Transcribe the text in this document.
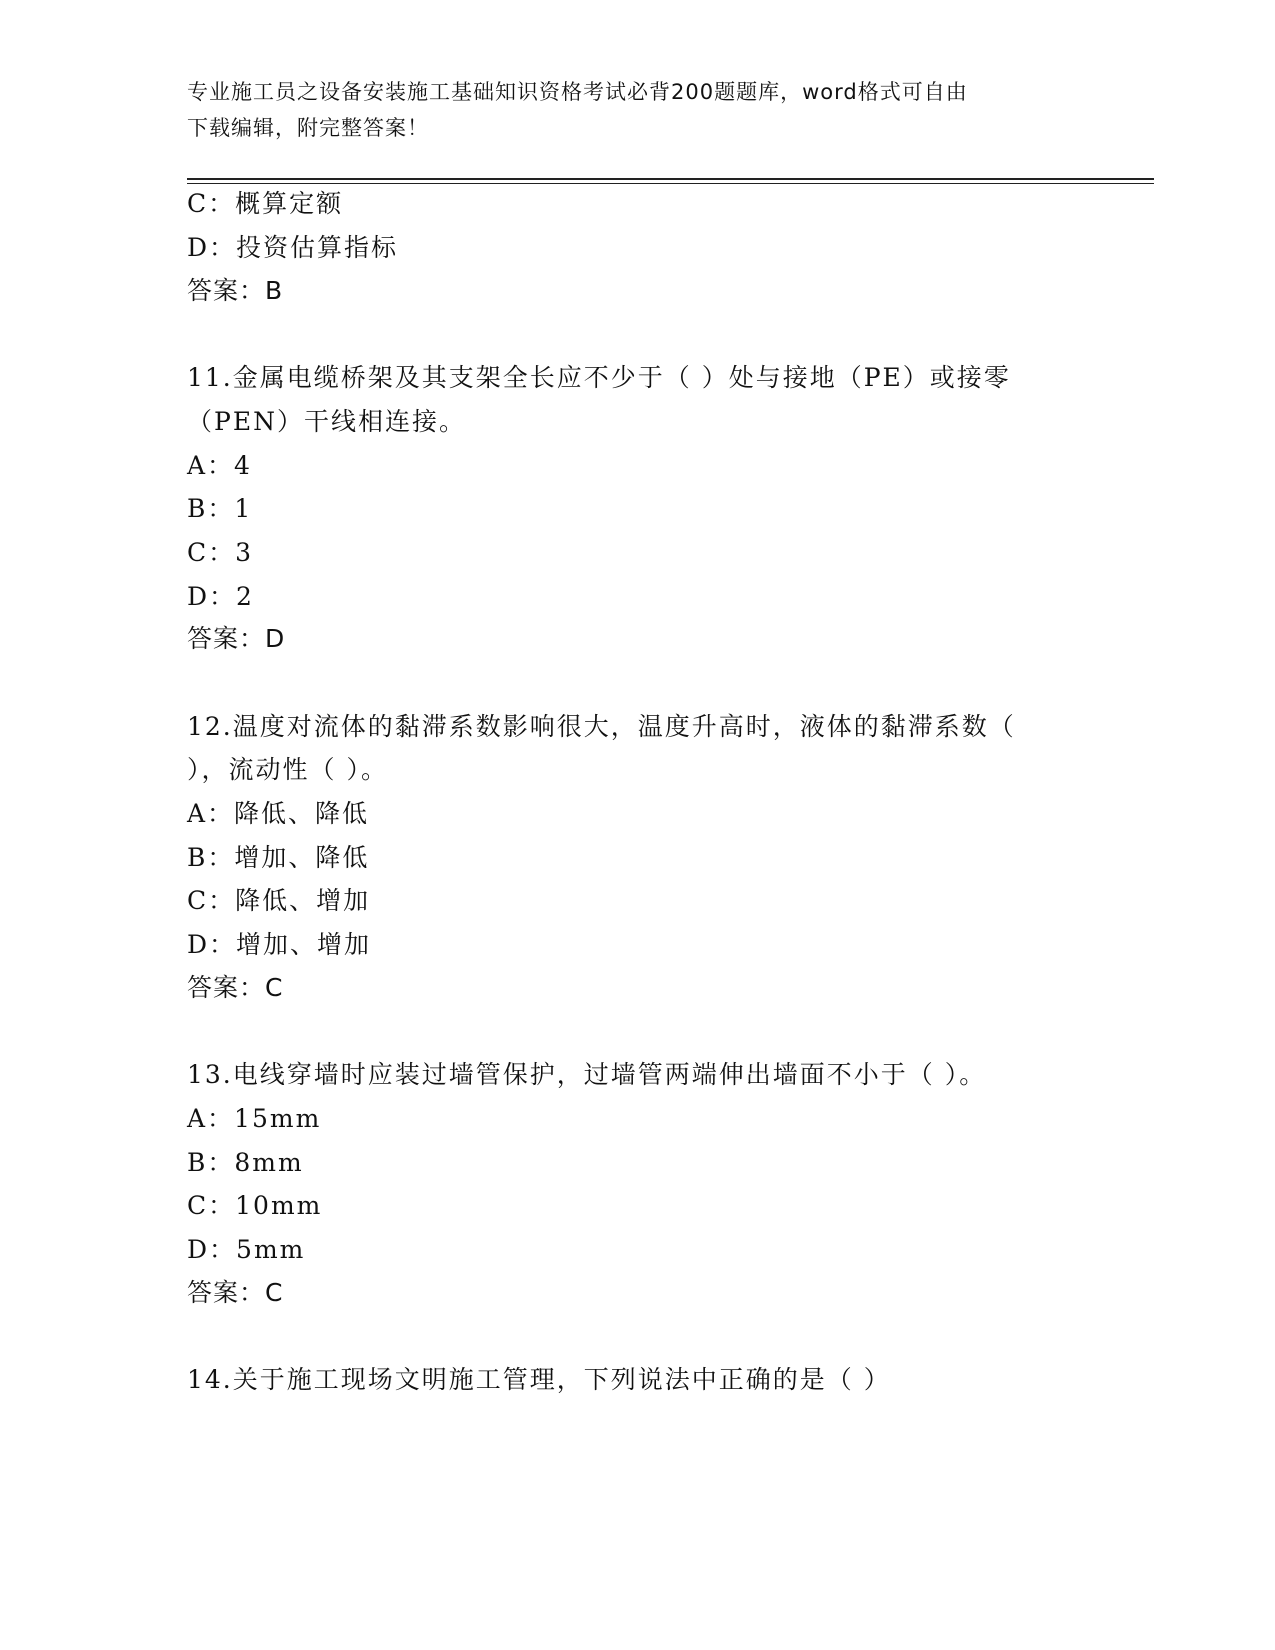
专业施工员之设备安装施工基础知识资格考试必背200题题库，word格式可自由
下载编辑，附完整答案！
C：概算定额
D：投资估算指标
答案：B
11.金属电缆桥架及其支架全长应不少于（ ）处与接地（PE）或接零
（PEN）干线相连接。
A：4
B：1
C：3
D：2
答案：D
12.温度对流体的黏滞系数影响很大，温度升高时，液体的黏滞系数（
），流动性（ ）。
A：降低、降低
B：增加、降低
C：降低、增加
D：增加、增加
答案：C
13.电线穿墙时应装过墙管保护，过墙管两端伸出墙面不小于（ ）。
A：15mm
B：8mm
C：10mm
D：5mm
答案：C
14.关于施工现场文明施工管理，下列说法中正确的是（ ）
